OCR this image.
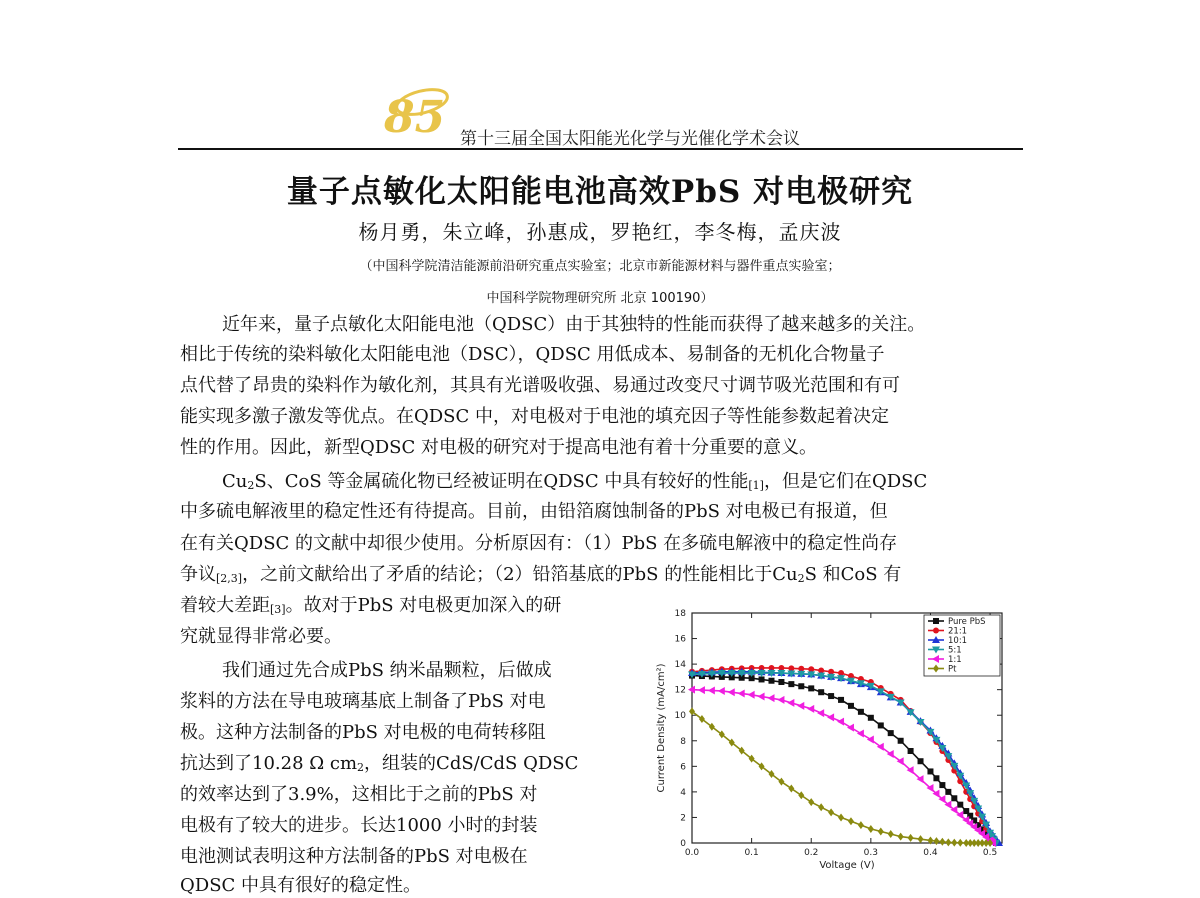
85 第十三届全国太阳能光化学与光催化学术会议
量子点敏化太阳能电池高效PbS 对电极研究
杨月勇，朱立峰，孙惠成，罗艳红，李冬梅，孟庆波
（中国科学院清洁能源前沿研究重点实验室；北京市新能源材料与器件重点实验室；
中国科学院物理研究所 北京 100190）
近年来，量子点敏化太阳能电池（QDSC）由于其独特的性能而获得了越来越多的关注。
相比于传统的染料敏化太阳能电池（DSC），QDSC 用低成本、易制备的无机化合物量子
点代替了昂贵的染料作为敏化剂，其具有光谱吸收强、易通过改变尺寸调节吸光范围和有可
能实现多激子激发等优点。在QDSC 中，对电极对于电池的填充因子等性能参数起着决定
性的作用。因此，新型QDSC 对电极的研究对于提高电池有着十分重要的意义。
Cu2S、CoS 等金属硫化物已经被证明在QDSC 中具有较好的性能[1]，但是它们在QDSC
中多硫电解液里的稳定性还有待提高。目前，由铅箔腐蚀制备的PbS 对电极已有报道，但
在有关QDSC 的文献中却很少使用。分析原因有：（1）PbS 在多硫电解液中的稳定性尚存
争议[2,3]，之前文献给出了矛盾的结论；（2）铅箔基底的PbS 的性能相比于Cu2S 和CoS 有
着较大差距[3]。故对于PbS 对电极更加深入的研
究就显得非常必要。
我们通过先合成PbS 纳米晶颗粒，后做成
浆料的方法在导电玻璃基底上制备了PbS 对电
极。这种方法制备的PbS 对电极的电荷转移阻
抗达到了10.28 Ω cm2，组装的CdS/CdS QDSC
的效率达到了3.9%，这相比于之前的PbS 对
电极有了较大的进步。长达1000 小时的封装
电池测试表明这种方法制备的PbS 对电极在
QDSC 中具有很好的稳定性。
0
2
4
6
8
10
12
14
16
18
0.0	0.1	0.2	0.3	0.4	0.5
Voltage (V)
Current Density (mA/cm²)
Pure PbS
21:1
10:1
5:1
1:1
Pt
